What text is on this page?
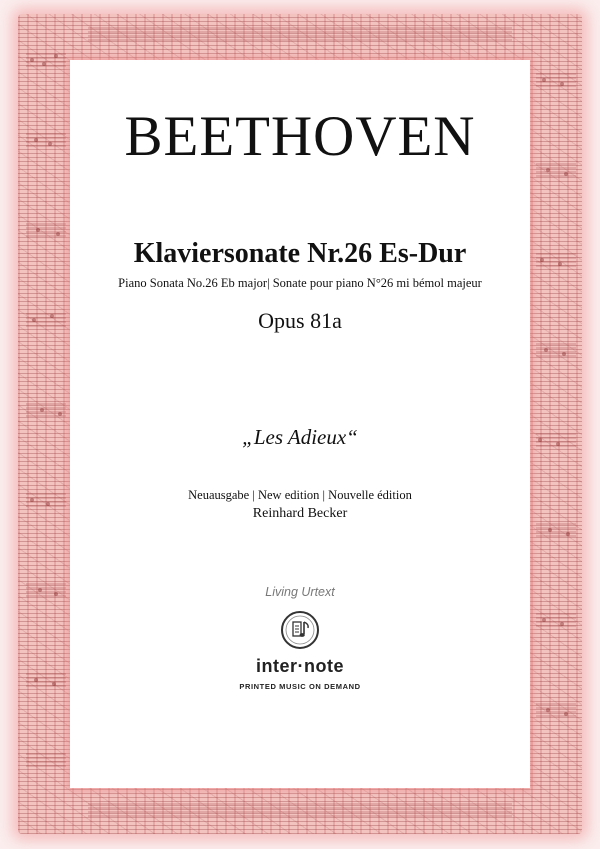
BEETHOVEN
Klaviersonate Nr.26 Es-Dur
Piano Sonata No.26 Eb major| Sonate pour piano N°26 mi bémol majeur
Opus 81a
„Les Adieux“
Neuausgabe | New edition | Nouvelle édition
Reinhard Becker
Living Urtext
inter·note
PRINTED MUSIC ON DEMAND
